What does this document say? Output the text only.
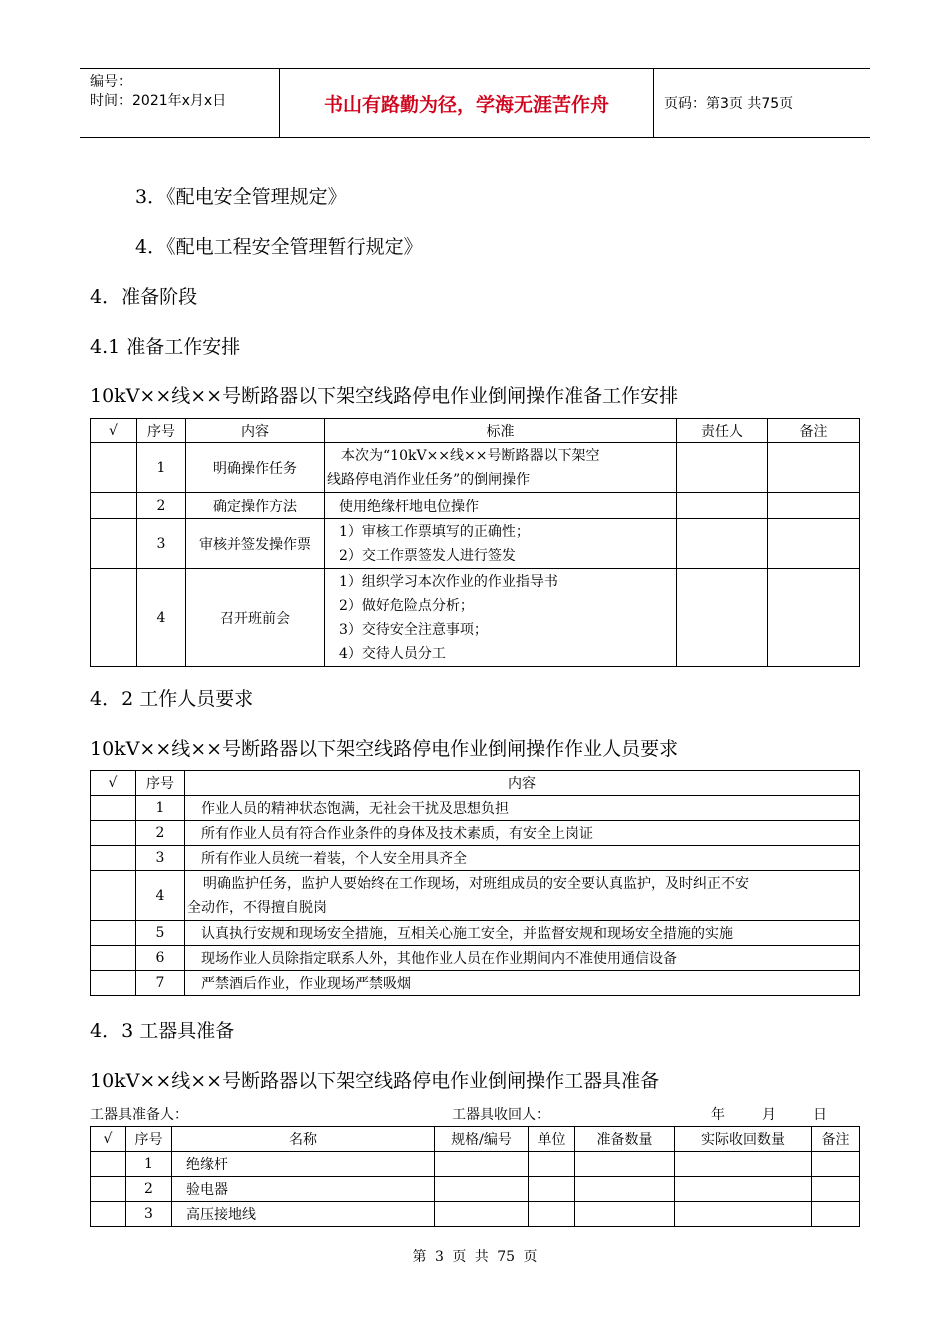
编号：
时间：2021年x月x日	书山有路勤为径，学海无涯苦作舟	页码：第3页 共75页
3．《配电安全管理规定》
4．《配电工程安全管理暂行规定》
4．准备阶段
4.1 准备工作安排
10kV××线××号断路器以下架空线路停电作业倒闸操作准备工作安排
√	序号	内容	标准	责任人	备注
	1	明确操作任务	本次为“10kV××线××号断路器以下架空
线路停电消作业任务”的倒闸操作		

	2	确定操作方法	使用绝缘杆地电位操作		
	3	审核并签发操作票	1）审核工作票填写的正确性；
2）交工作票签发人进行签发		

	4	召开班前会	1）组织学习本次作业的作业指导书
2）做好危险点分析；
3）交待安全注意事项；
4）交待人员分工		

4．2 工作人员要求
10kV××线××号断路器以下架空线路停电作业倒闸操作作业人员要求
√	序号	内容
	1	作业人员的精神状态饱满，无社会干扰及思想负担
	2	所有作业人员有符合作业条件的身体及技术素质，有安全上岗证
	3	所有作业人员统一着装，个人安全用具齐全
	4	明确监护任务，监护人要始终在工作现场，对班组成员的安全要认真监护，及时纠正不安
全动作，不得擅自脱岗

	5	认真执行安规和现场安全措施，互相关心施工安全，并监督安规和现场安全措施的实施
	6	现场作业人员除指定联系人外，其他作业人员在作业期间内不准使用通信设备
	7	严禁酒后作业，作业现场严禁吸烟
4．3 工器具准备
10kV××线××号断路器以下架空线路停电作业倒闸操作工器具准备
工器具准备人：	工器具收回人：	年	月	日
√	序号	名称	规格/编号	单位	准备数量	实际收回数量	备注
	1	绝缘杆					
	2	验电器					
	3	高压接地线					
第 3 页 共 75 页
